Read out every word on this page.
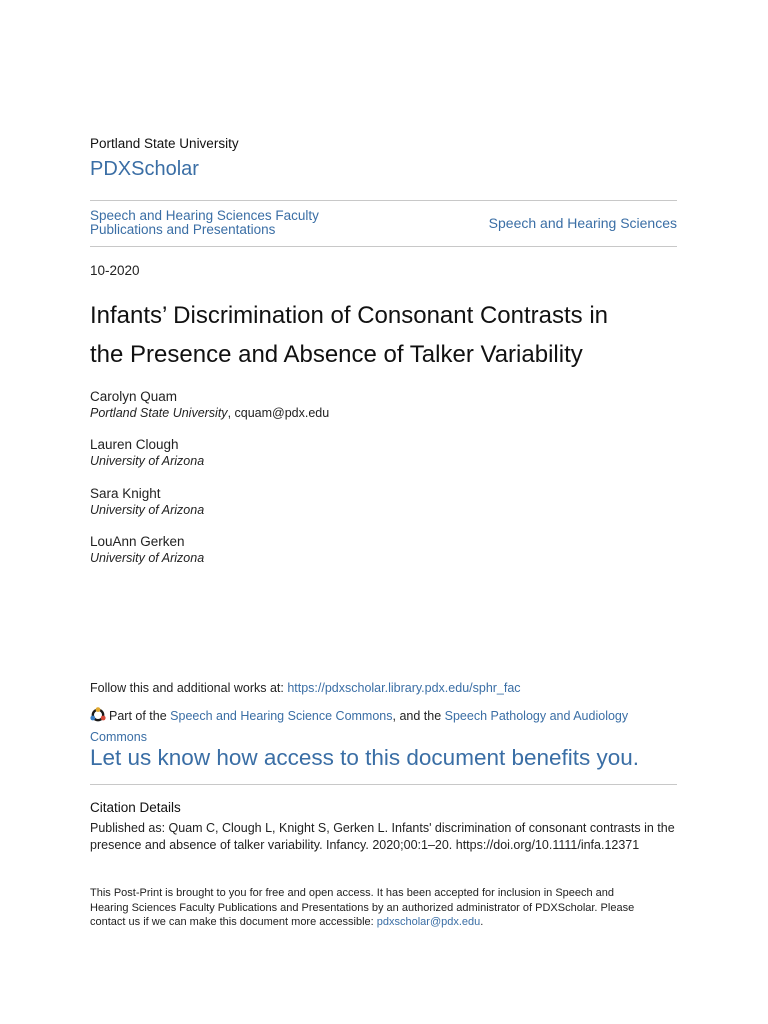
Portland State University
PDXScholar
Speech and Hearing Sciences Faculty
Publications and Presentations	Speech and Hearing Sciences
10-2020
Infants’ Discrimination of Consonant Contrasts in
the Presence and Absence of Talker Variability
Carolyn Quam
Portland State University, cquam@pdx.edu
Lauren Clough
University of Arizona
Sara Knight
University of Arizona
LouAnn Gerken
University of Arizona
Follow this and additional works at: https://pdxscholar.library.pdx.edu/sphr_fac
Part of the Speech and Hearing Science Commons, and the Speech Pathology and Audiology Commons
Let us know how access to this document benefits you.
Citation Details
Published as: Quam C, Clough L, Knight S, Gerken L. Infants' discrimination of consonant contrasts in the
presence and absence of talker variability. Infancy. 2020;00:1–20. https://doi.org/10.1111/infa.12371
This Post-Print is brought to you for free and open access. It has been accepted for inclusion in Speech and
Hearing Sciences Faculty Publications and Presentations by an authorized administrator of PDXScholar. Please
contact us if we can make this document more accessible: pdxscholar@pdx.edu.
